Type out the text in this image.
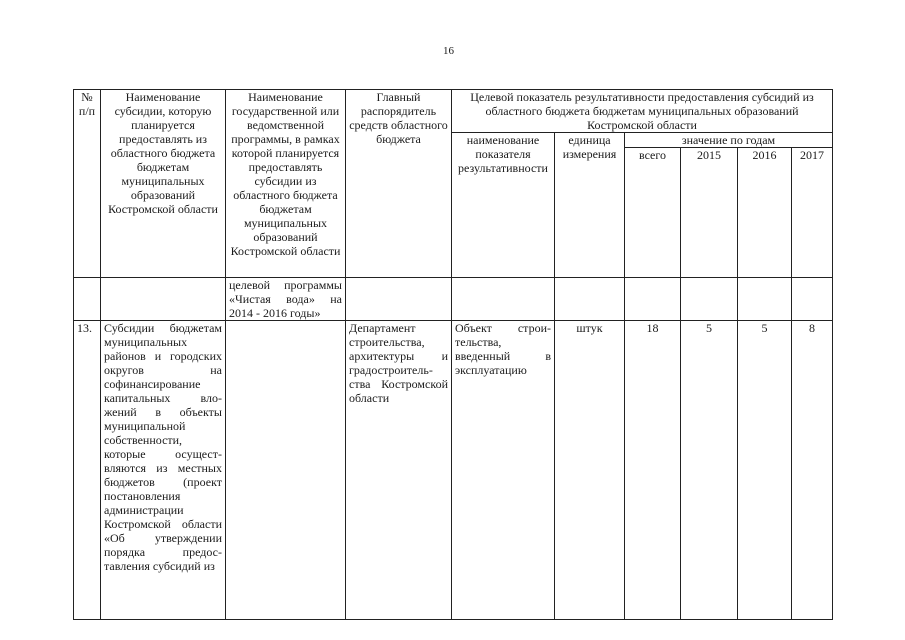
16
№ п/п	Наименование субсидии, которую планируется предоставлять из областного бюджета бюджетам муниципальных образований Костромской области	Наименование государственной или ведомственной программы, в рамках которой планируется предоставлять субсидии из областного бюджета бюджетам муниципальных образований Костромской области	Главный распорядитель средств областного бюджета	Целевой показатель результативности предоставления субсидий из областного бюджета бюджетам муниципальных образований Костромской области					
				наименование показателя результативности	единица измерения	значение по годам			
						всего	2015	2016	2017
		целевой программы «Чистая вода» на 2014 - 2016 годы»							
13.	Субсидии бюджетам муниципальных районов и городских округов на софинансирование капитальных вло-жений в объекты муниципальной собственности, которые осущест-вляются из местных бюджетов (проект постановления администрации Костромской области «Об утверждении порядка предос-тавления субсидий из		Департамент строительства, архитектуры и градостроитель-ства Костромской области	Объект строи-тельства, введенный в эксплуатацию	штук	18	5	5	8
